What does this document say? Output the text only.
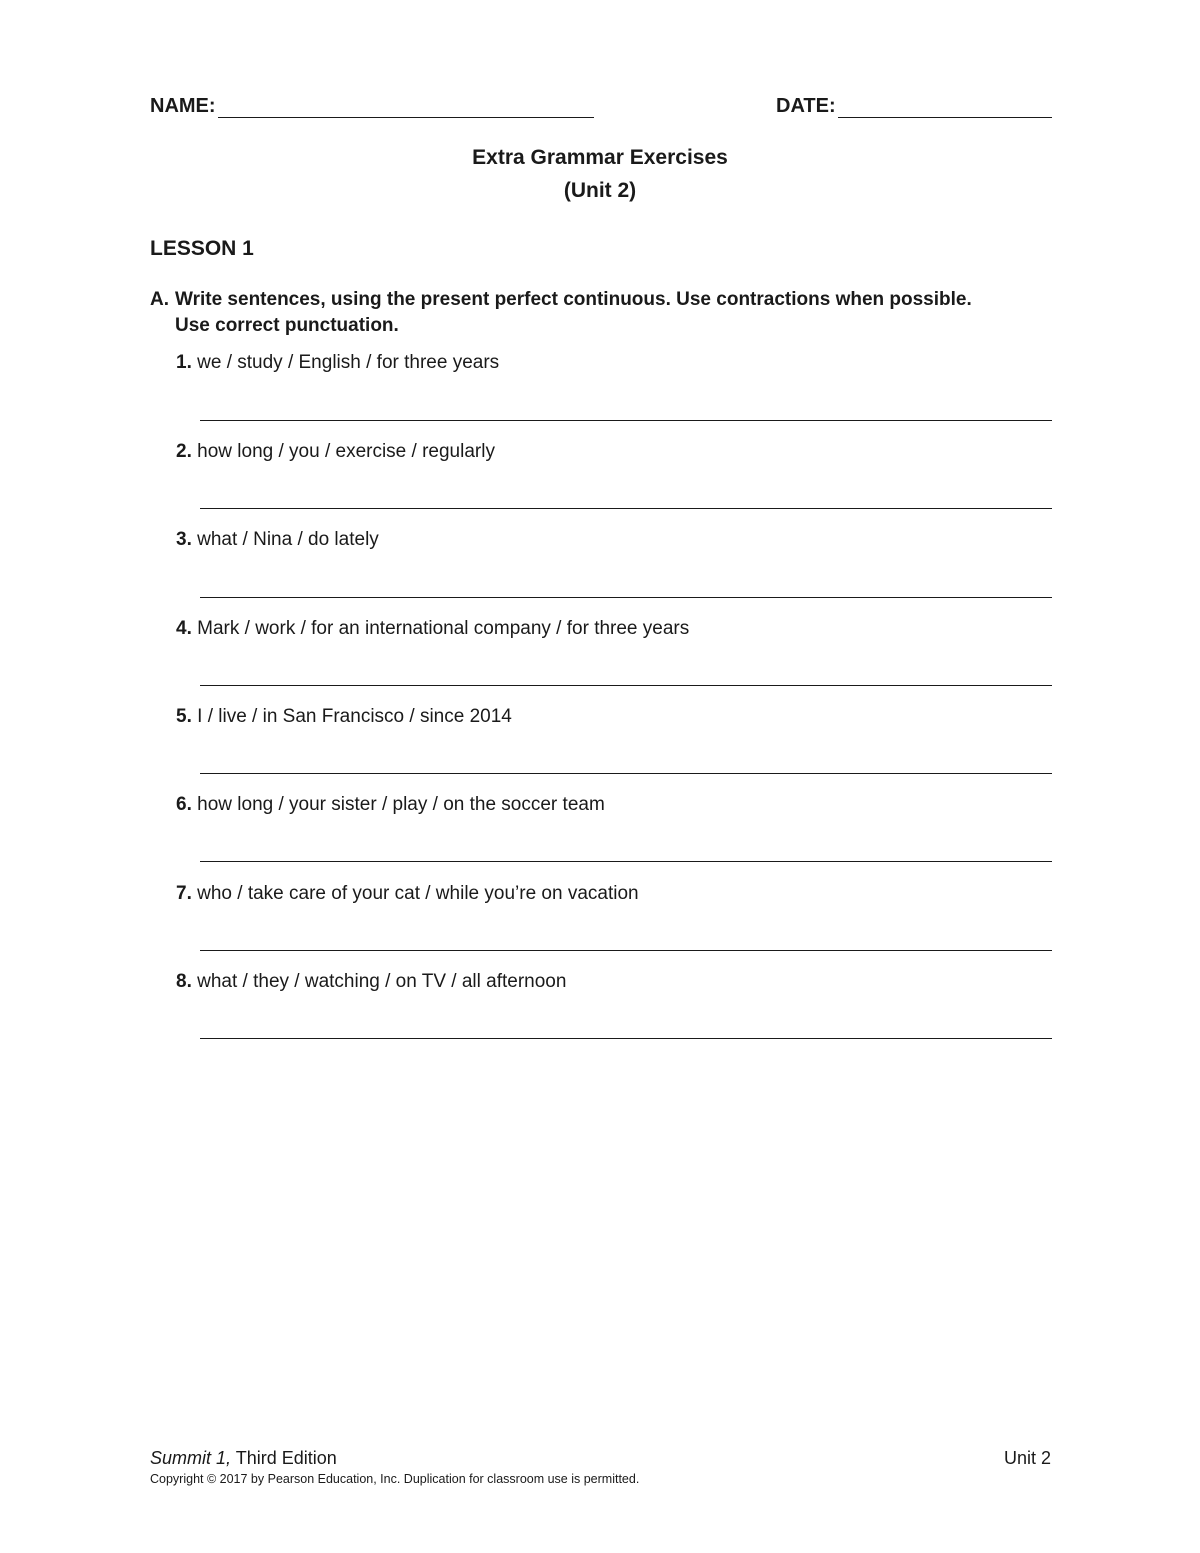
NAME:	DATE:
Extra Grammar Exercises
(Unit 2)
LESSON 1
A. Write sentences, using the present perfect continuous. Use contractions when possible. Use correct punctuation.
1. we / study / English / for three years
2. how long / you / exercise / regularly
3. what / Nina / do lately
4. Mark / work / for an international company / for three years
5. I / live / in San Francisco / since 2014
6. how long / your sister / play / on the soccer team
7. who / take care of your cat / while you’re on vacation
8. what / they / watching / on TV / all afternoon
Summit 1, Third Edition	Unit 2
Copyright © 2017 by Pearson Education, Inc. Duplication for classroom use is permitted.
